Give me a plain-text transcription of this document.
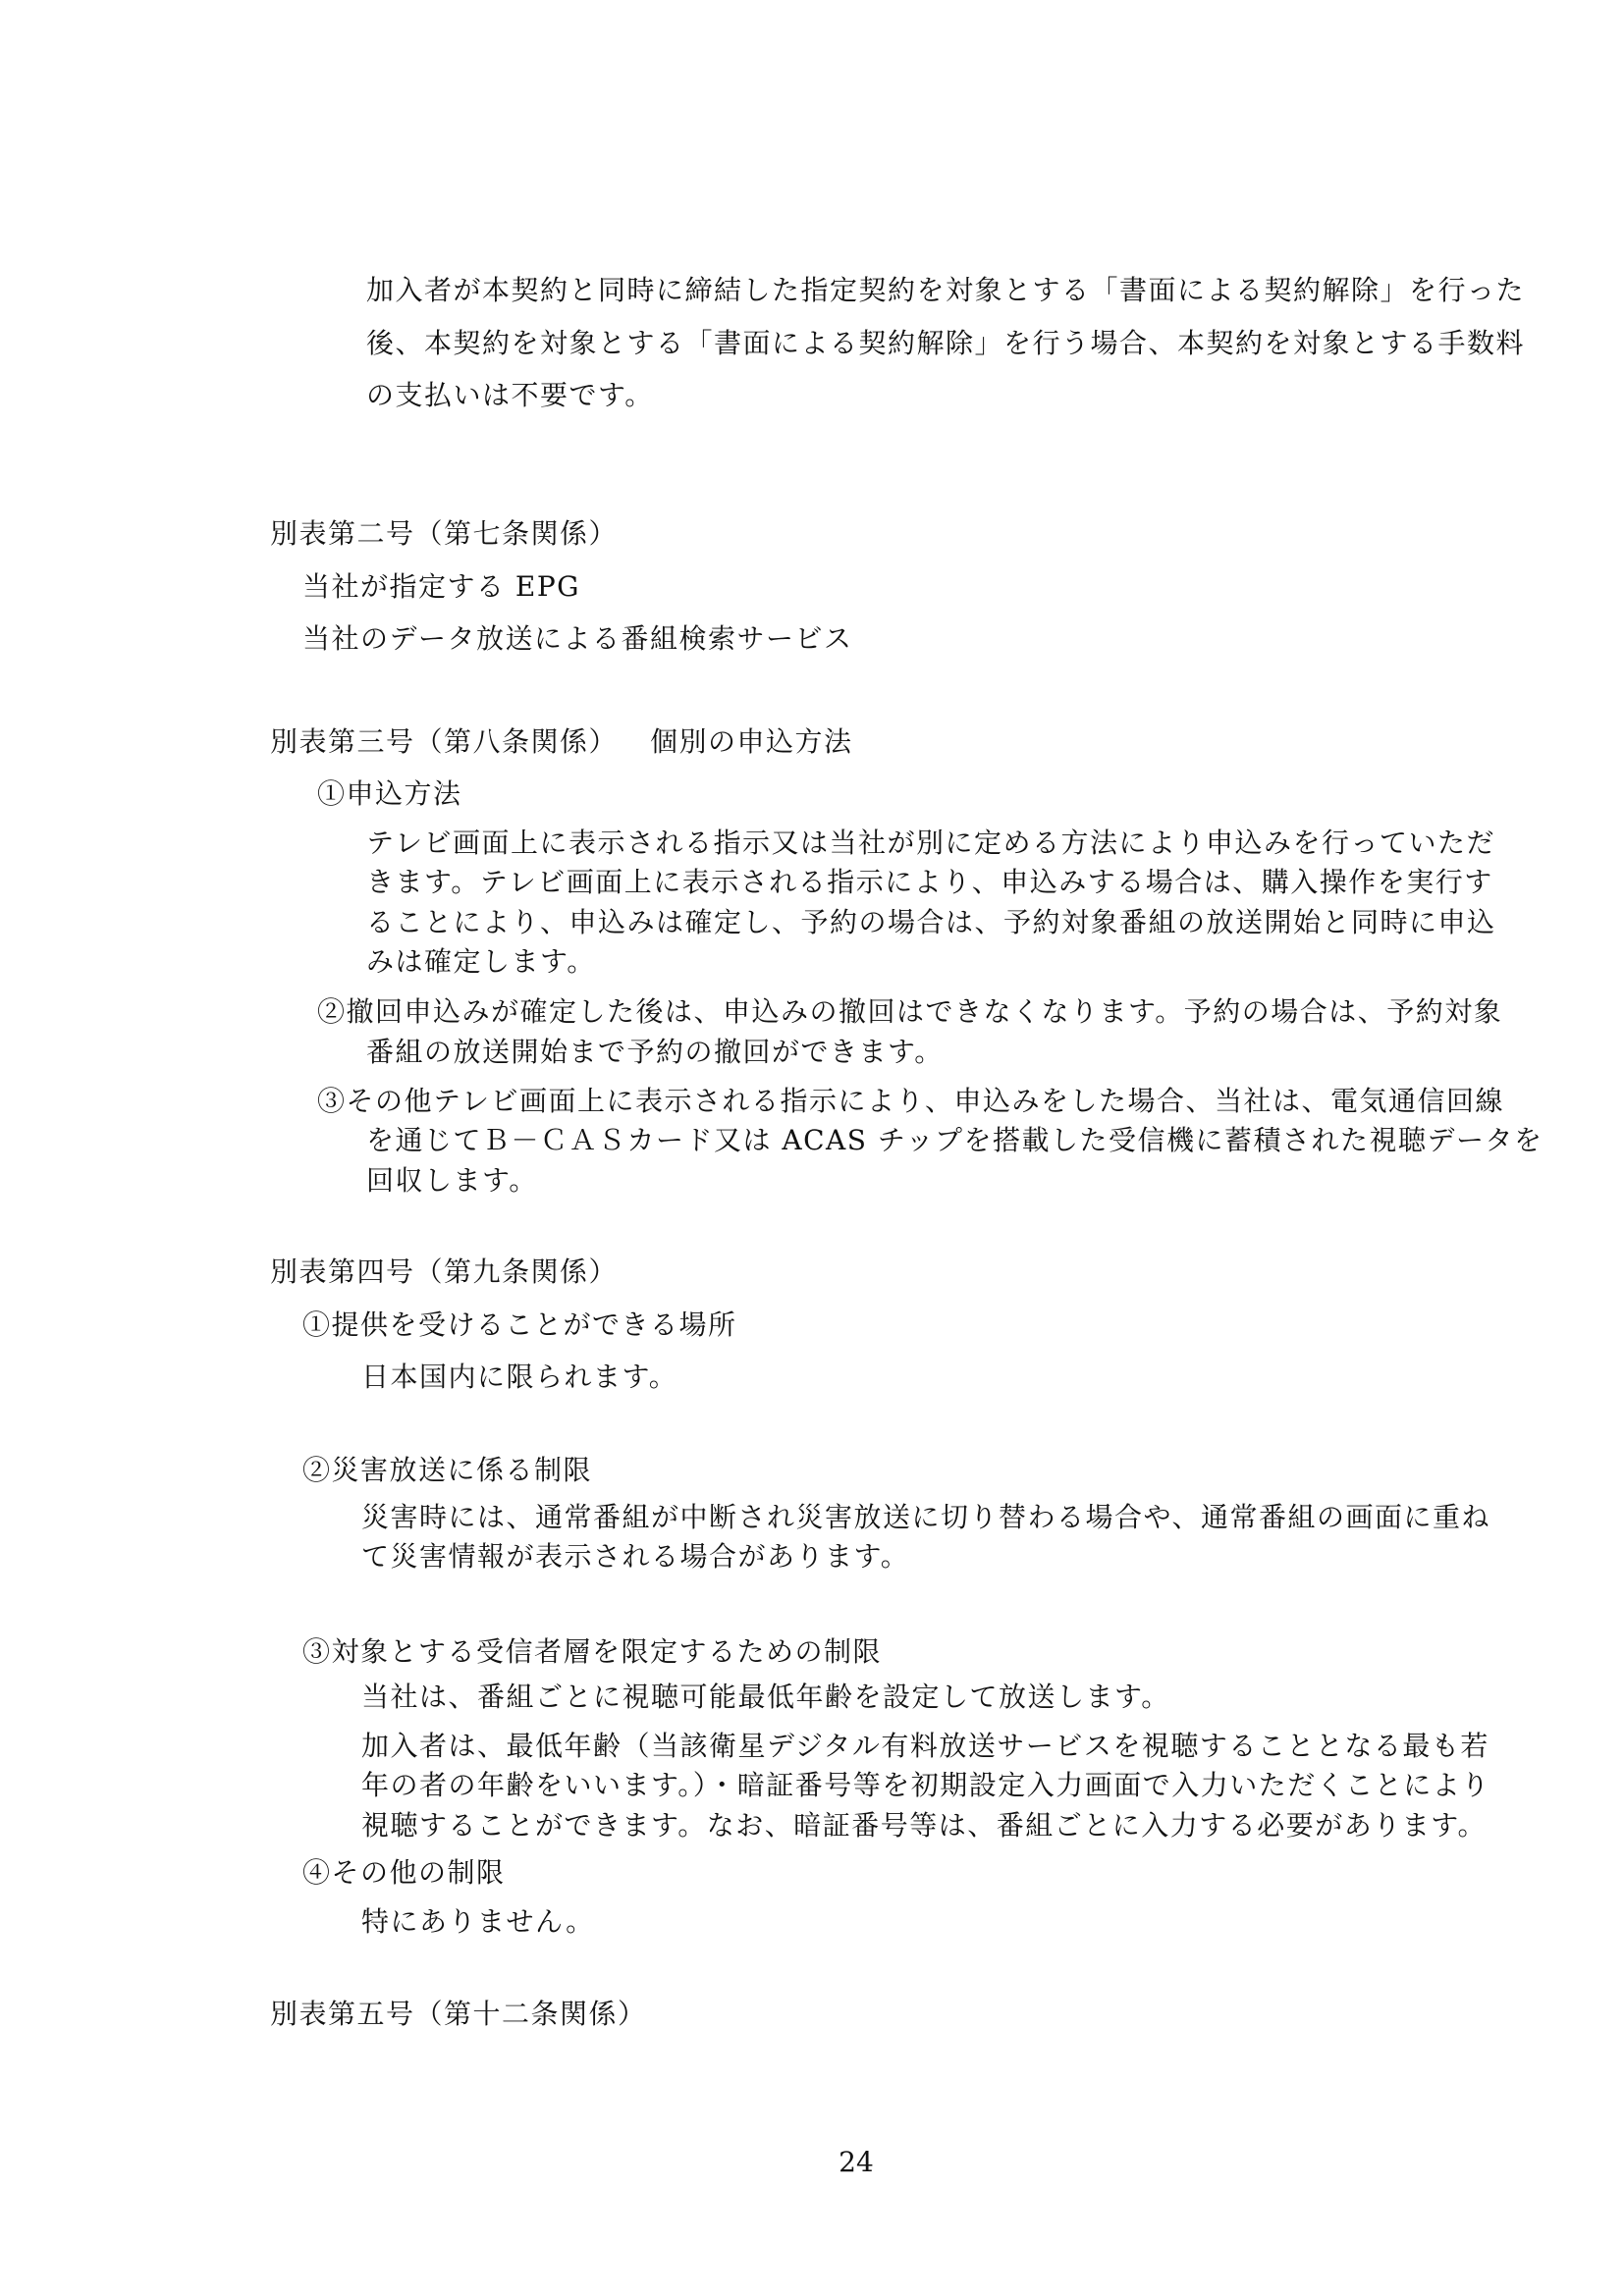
加入者が本契約と同時に締結した指定契約を対象とする「書面による契約解除」を行った
後、本契約を対象とする「書面による契約解除」を行う場合、本契約を対象とする手数料
の支払いは不要です。
別表第二号（第七条関係）
当社が指定する EPG
当社のデータ放送による番組検索サービス
別表第三号（第八条関係） 個別の申込方法
①申込方法
テレビ画面上に表示される指示又は当社が別に定める方法により申込みを行っていただ
きます。テレビ画面上に表示される指示により、申込みする場合は、購入操作を実行す
ることにより、申込みは確定し、予約の場合は、予約対象番組の放送開始と同時に申込
みは確定します。
②撤回申込みが確定した後は、申込みの撤回はできなくなります。予約の場合は、予約対象
番組の放送開始まで予約の撤回ができます。
③その他テレビ画面上に表示される指示により、申込みをした場合、当社は、電気通信回線
を通じてＢ－ＣＡＳカード又は ACAS チップを搭載した受信機に蓄積された視聴データを
回収します。
別表第四号（第九条関係）
①提供を受けることができる場所
日本国内に限られます。
②災害放送に係る制限
災害時には、通常番組が中断され災害放送に切り替わる場合や、通常番組の画面に重ね
て災害情報が表示される場合があります。
③対象とする受信者層を限定するための制限
当社は、番組ごとに視聴可能最低年齢を設定して放送します。
加入者は、最低年齢（当該衛星デジタル有料放送サービスを視聴することとなる最も若
年の者の年齢をいいます。）・暗証番号等を初期設定入力画面で入力いただくことにより
視聴することができます。なお、暗証番号等は、番組ごとに入力する必要があります。
④その他の制限
特にありません。
別表第五号（第十二条関係）
24
